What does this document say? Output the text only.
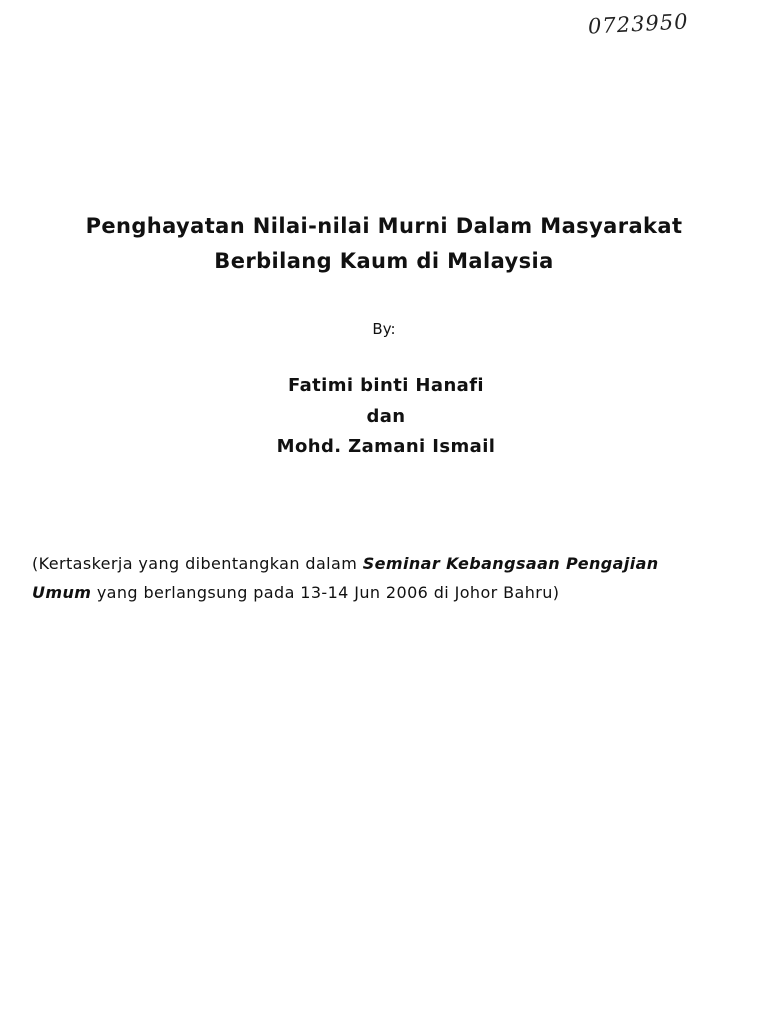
0723950
Penghayatan Nilai-nilai Murni Dalam Masyarakat
Berbilang Kaum di Malaysia
By:
Fatimi binti Hanafi
dan
Mohd. Zamani Ismail
(Kertaskerja yang dibentangkan dalam Seminar Kebangsaan Pengajian
Umum yang berlangsung pada 13-14 Jun 2006 di Johor Bahru)
